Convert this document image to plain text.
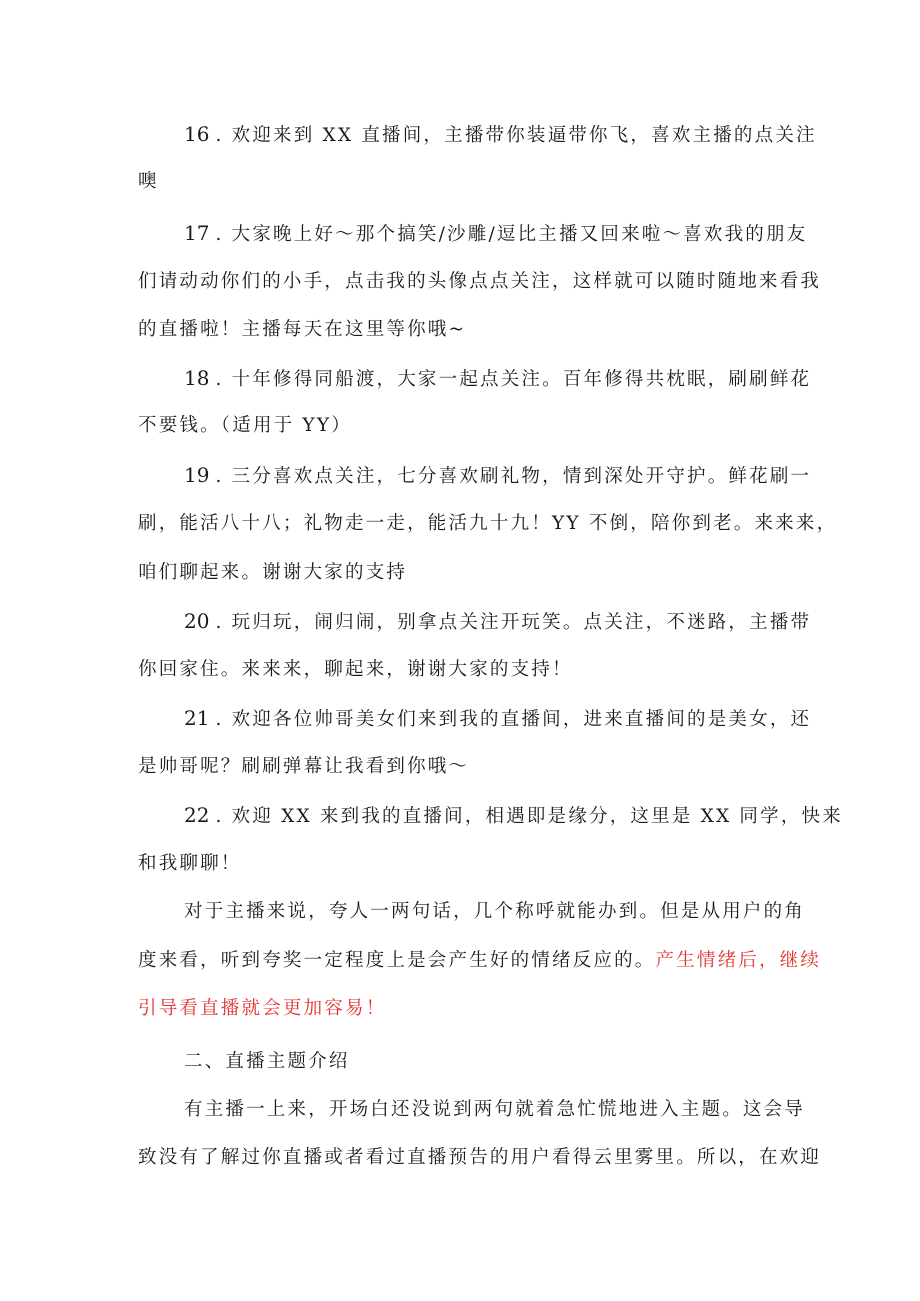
16 . 欢迎来到 XX 直播间，主播带你装逼带你飞，喜欢主播的点关注
噢
17 . 大家晚上好～那个搞笑/沙雕/逗比主播又回来啦～喜欢我的朋友
们请动动你们的小手，点击我的头像点点关注，这样就可以随时随地来看我
的直播啦！主播每天在这里等你哦~
18 . 十年修得同船渡，大家一起点关注。百年修得共枕眠，刷刷鲜花
不要钱。（适用于 YY）
19 . 三分喜欢点关注，七分喜欢刷礼物，情到深处开守护。鲜花刷一
刷，能活八十八；礼物走一走，能活九十九！YY 不倒，陪你到老。来来来，
咱们聊起来。谢谢大家的支持
20 . 玩归玩，闹归闹，别拿点关注开玩笑。点关注，不迷路，主播带
你回家住。来来来，聊起来，谢谢大家的支持！
21 . 欢迎各位帅哥美女们来到我的直播间，进来直播间的是美女，还
是帅哥呢？刷刷弹幕让我看到你哦～
22 . 欢迎 XX 来到我的直播间，相遇即是缘分，这里是 XX 同学，快来
和我聊聊！
对于主播来说，夸人一两句话，几个称呼就能办到。但是从用户的角
度来看，听到夸奖一定程度上是会产生好的情绪反应的。产生情绪后，继续
引导看直播就会更加容易！
二、直播主题介绍
有主播一上来，开场白还没说到两句就着急忙慌地进入主题。这会导
致没有了解过你直播或者看过直播预告的用户看得云里雾里。所以，在欢迎
